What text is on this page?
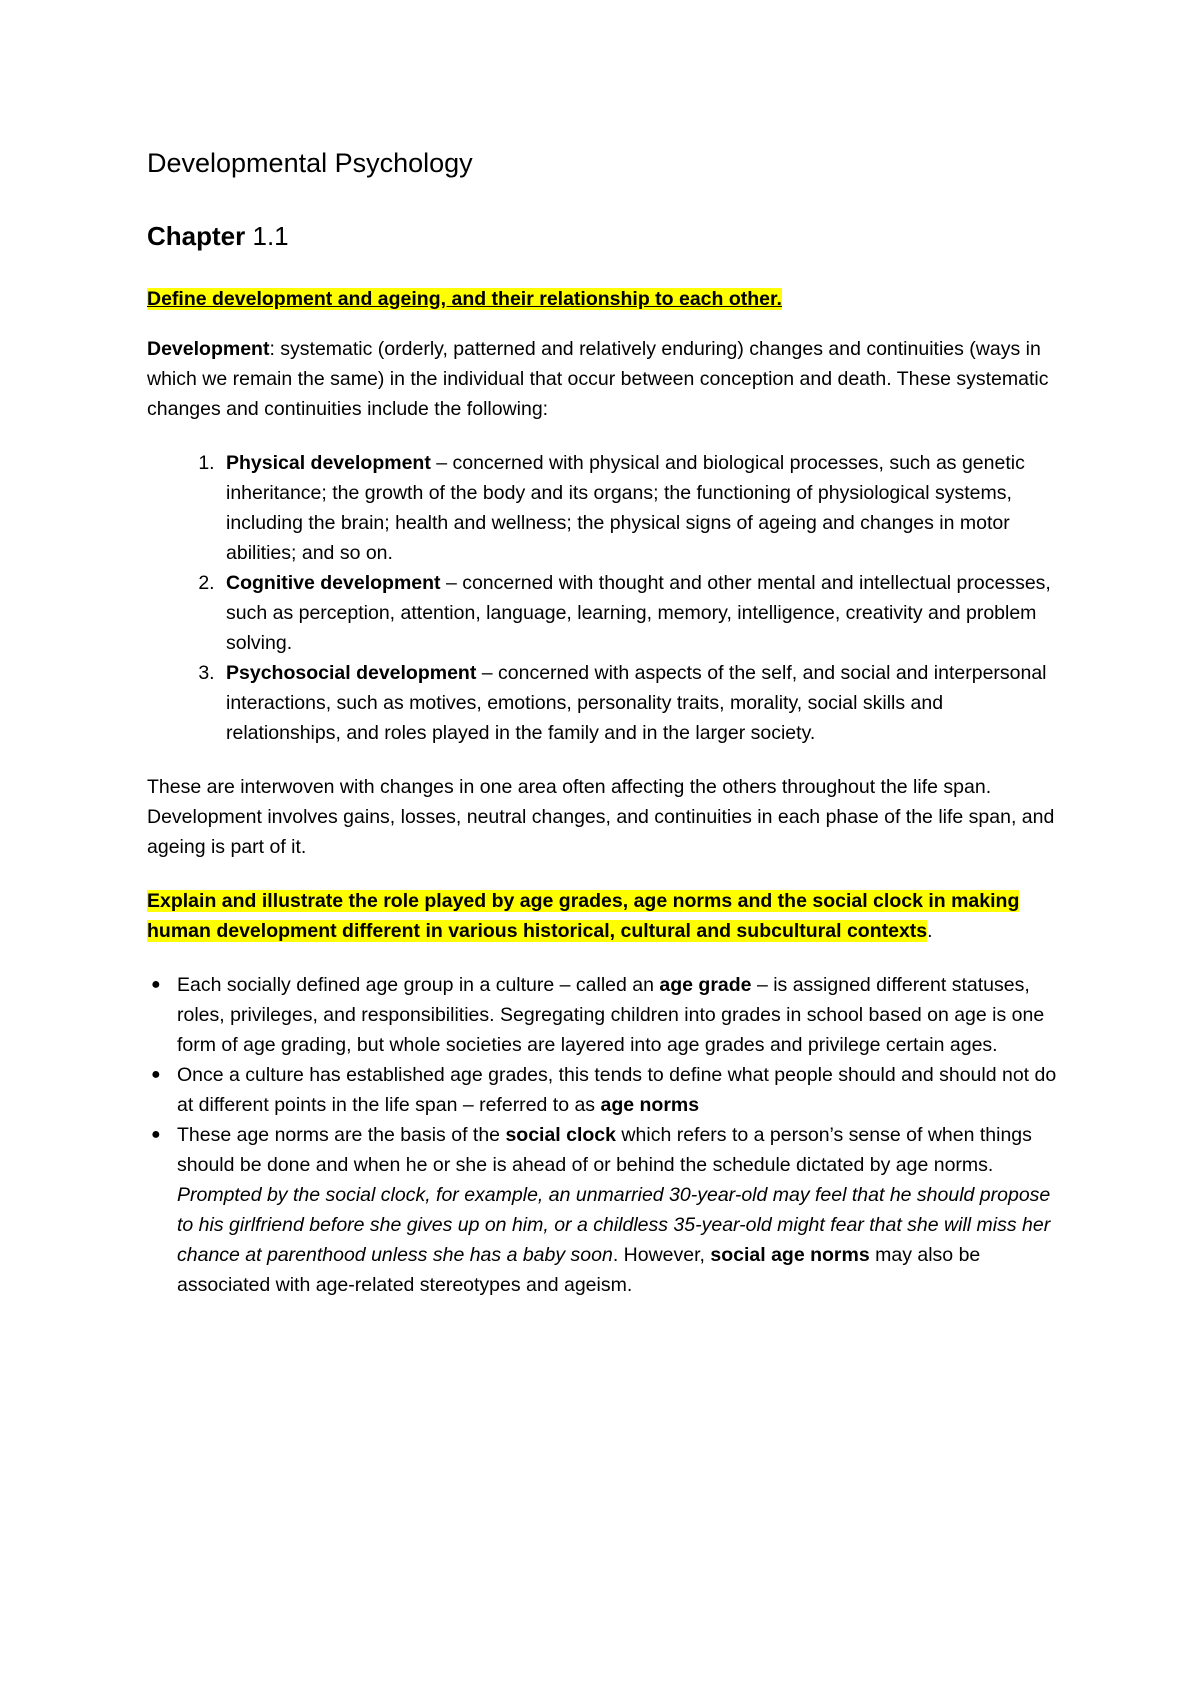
Developmental Psychology
Chapter 1.1

Define development and ageing, and their relationship to each other.

Development: systematic (orderly, patterned and relatively enduring) changes and continuities (ways in which we remain the same) in the individual that occur between conception and death. These systematic changes and continuities include the following:

1. Physical development – concerned with physical and biological processes, such as genetic inheritance; the growth of the body and its organs; the functioning of physiological systems, including the brain; health and wellness; the physical signs of ageing and changes in motor abilities; and so on.
2. Cognitive development – concerned with thought and other mental and intellectual processes, such as perception, attention, language, learning, memory, intelligence, creativity and problem solving.
3. Psychosocial development – concerned with aspects of the self, and social and interpersonal interactions, such as motives, emotions, personality traits, morality, social skills and relationships, and roles played in the family and in the larger society.

These are interwoven with changes in one area often affecting the others throughout the life span. Development involves gains, losses, neutral changes, and continuities in each phase of the life span, and ageing is part of it.

Explain and illustrate the role played by age grades, age norms and the social clock in making human development different in various historical, cultural and subcultural contexts.

● Each socially defined age group in a culture – called an age grade – is assigned different statuses, roles, privileges, and responsibilities. Segregating children into grades in school based on age is one form of age grading, but whole societies are layered into age grades and privilege certain ages.
● Once a culture has established age grades, this tends to define what people should and should not do at different points in the life span – referred to as age norms
● These age norms are the basis of the social clock which refers to a person’s sense of when things should be done and when he or she is ahead of or behind the schedule dictated by age norms. Prompted by the social clock, for example, an unmarried 30-year-old may feel that he should propose to his girlfriend before she gives up on him, or a childless 35-year-old might fear that she will miss her chance at parenthood unless she has a baby soon. However, social age norms may also be associated with age-related stereotypes and ageism.
